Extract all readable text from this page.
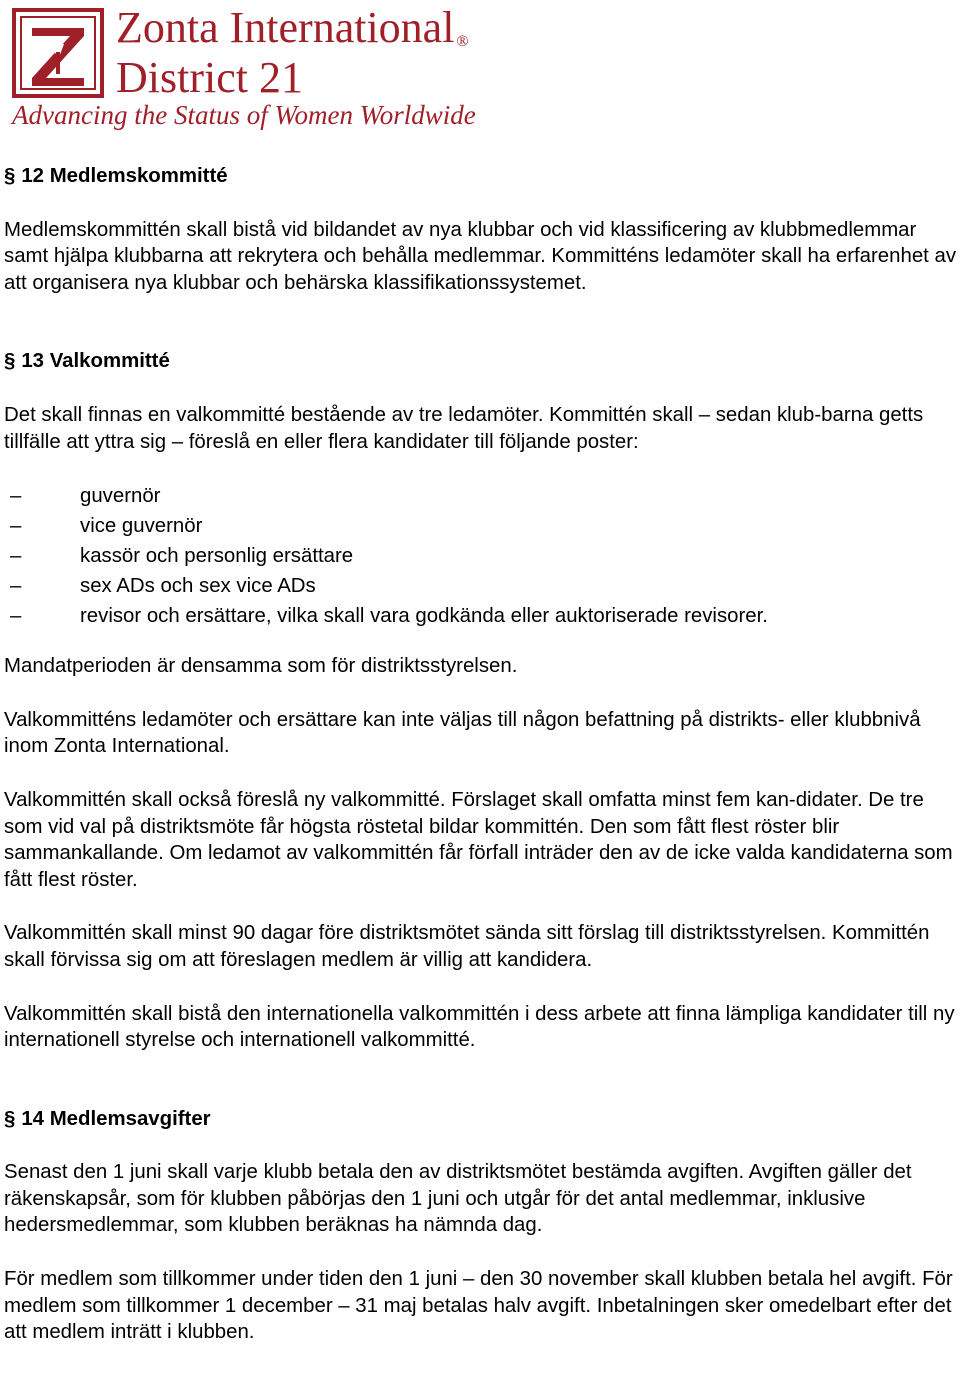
Zonta International ®
District 21
Advancing the Status of Women Worldwide
§ 12 Medlemskommitté

Medlemskommittén skall bistå vid bildandet av nya klubbar och vid klassificering av klubbmedlemmar samt hjälpa klubbarna att rekrytera och behålla medlemmar. Kommitténs ledamöter skall ha erfarenhet av att organisera nya klubbar och behärska klassifikationssystemet.

§ 13 Valkommitté

Det skall finnas en valkommitté bestående av tre ledamöter. Kommittén skall – sedan klub-barna getts tillfälle att yttra sig – föreslå en eller flera kandidater till följande poster:

–	guvernör
–	vice guvernör
–	kassör och personlig ersättare
–	sex ADs och sex vice ADs
–	revisor och ersättare, vilka skall vara godkända eller auktoriserade revisorer.

Mandatperioden är densamma som för distriktsstyrelsen.

Valkommitténs ledamöter och ersättare kan inte väljas till någon befattning på distrikts- eller klubbnivå inom Zonta International.

Valkommittén skall också föreslå ny valkommitté. Förslaget skall omfatta minst fem kan-didater. De tre som vid val på distriktsmöte får högsta röstetal bildar kommittén. Den som fått flest röster blir sammankallande. Om ledamot av valkommittén får förfall inträder den av de icke valda kandidaterna som fått flest röster.

Valkommittén skall minst 90 dagar före distriktsmötet sända sitt förslag till distriktsstyrelsen. Kommittén skall förvissa sig om att föreslagen medlem är villig att kandidera.

Valkommittén skall bistå den internationella valkommittén i dess arbete att finna lämpliga kandidater till ny internationell styrelse och internationell valkommitté.

§ 14 Medlemsavgifter

Senast den 1 juni skall varje klubb betala den av distriktsmötet bestämda avgiften. Avgiften gäller det räkenskapsår, som för klubben påbörjas den 1 juni och utgår för det antal medlemmar, inklusive hedersmedlemmar, som klubben beräknas ha nämnda dag.

För medlem som tillkommer under tiden den 1 juni – den 30 november skall klubben betala hel avgift. För medlem som tillkommer 1 december – 31 maj betalas halv avgift. Inbetalningen sker omedelbart efter det att medlem inträtt i klubben.
